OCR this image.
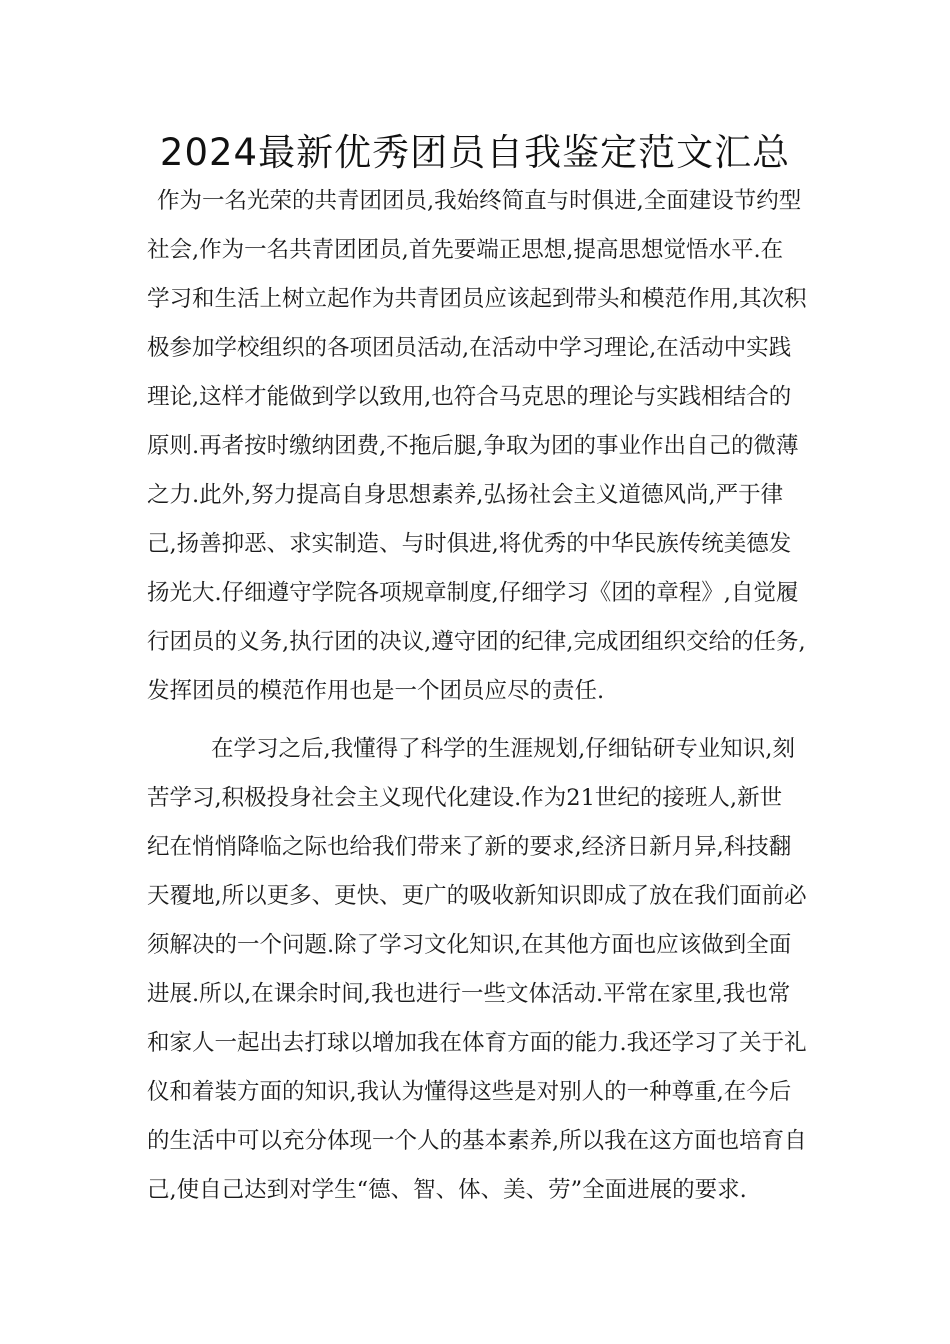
2024最新优秀团员自我鉴定范文汇总
作为一名光荣的共青团团员,我始终简直与时俱进,全面建设节约型
社会,作为一名共青团团员,首先要端正思想,提高思想觉悟水平.在
学习和生活上树立起作为共青团员应该起到带头和模范作用,其次积
极参加学校组织的各项团员活动,在活动中学习理论,在活动中实践
理论,这样才能做到学以致用,也符合马克思的理论与实践相结合的
原则.再者按时缴纳团费,不拖后腿,争取为团的事业作出自己的微薄
之力.此外,努力提高自身思想素养,弘扬社会主义道德风尚,严于律
己,扬善抑恶、求实制造、与时俱进,将优秀的中华民族传统美德发
扬光大.仔细遵守学院各项规章制度,仔细学习《团的章程》,自觉履
行团员的义务,执行团的决议,遵守团的纪律,完成团组织交给的任务,
发挥团员的模范作用也是一个团员应尽的责任.
在学习之后,我懂得了科学的生涯规划,仔细钻研专业知识,刻
苦学习,积极投身社会主义现代化建设.作为21世纪的接班人,新世
纪在悄悄降临之际也给我们带来了新的要求,经济日新月异,科技翻
天覆地,所以更多、更快、更广的吸收新知识即成了放在我们面前必
须解决的一个问题.除了学习文化知识,在其他方面也应该做到全面
进展.所以,在课余时间,我也进行一些文体活动.平常在家里,我也常
和家人一起出去打球以增加我在体育方面的能力.我还学习了关于礼
仪和着装方面的知识,我认为懂得这些是对别人的一种尊重,在今后
的生活中可以充分体现一个人的基本素养,所以我在这方面也培育自
己,使自己达到对学生“德、智、体、美、劳”全面进展的要求.
